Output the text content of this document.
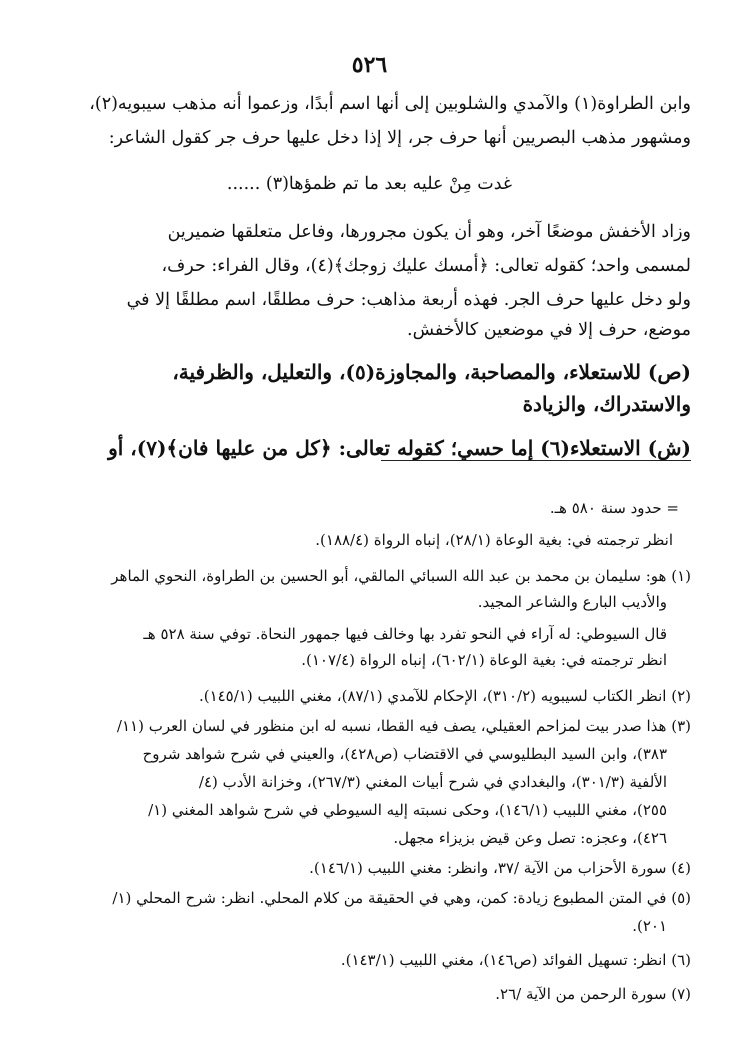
٥٢٦
وابن الطراوة(١) والآمدي والشلوبين إلى أنها اسم أبدًا، وزعموا أنه مذهب سيبويه(٢)،
ومشهور مذهب البصريين أنها حرف جر، إلا إذا دخل عليها حرف جر كقول الشاعر:
غدت مِنْ عليه بعد ما تم ظمؤها(٣) ......
وزاد الأخفش موضعًا آخر، وهو أن يكون مجرورها، وفاعل متعلقها ضميرين
لمسمى واحد؛ كقوله تعالى: ﴿أمسك عليك زوجك﴾(٤)، وقال الفراء: حرف،
ولو دخل عليها حرف الجر. فهذه أربعة مذاهب: حرف مطلقًا، اسم مطلقًا إلا في
موضع، حرف إلا في موضعين كالأخفش.
(ص) للاستعلاء، والمصاحبة، والمجاوزة(٥)، والتعليل، والظرفية،
والاستدراك، والزيادة
(ش) الاستعلاء(٦) إما حسي؛ كقوله تعالى: ﴿كل من عليها فان﴾(٧)، أو
= حدود سنة ٥٨٠ هـ.
انظر ترجمته في: بغية الوعاة (٢٨/١)، إنباه الرواة (١٨٨/٤).
(١) هو: سليمان بن محمد بن عبد الله السبائي المالقي، أبو الحسين بن الطراوة، النحوي الماهر
والأديب البارع والشاعر المجيد.
قال السيوطي: له آراء في النحو تفرد بها وخالف فيها جمهور النحاة. توفي سنة ٥٢٨ هـ
انظر ترجمته في: بغية الوعاة (٦٠٢/١)، إنباه الرواة (١٠٧/٤).
(٢) انظر الكتاب لسيبويه (٣١٠/٢)، الإحكام للآمدي (٨٧/١)، مغني اللبيب (١٤٥/١).
(٣) هذا صدر بيت لمزاحم العقيلي، يصف فيه القطا، نسبه له ابن منظور في لسان العرب (١١/
٣٨٣)، وابن السيد البطليوسي في الاقتضاب (ص٤٢٨)، والعيني في شرح شواهد شروح
الألفية (٣٠١/٣)، والبغدادي في شرح أبيات المغني (٢٦٧/٣)، وخزانة الأدب (٤/
٢٥٥)، مغني اللبيب (١٤٦/١)، وحكى نسبته إليه السيوطي في شرح شواهد المغني (١/
٤٢٦)، وعجزه: تصل وعن قيض بزيزاء مجهل.
(٤) سورة الأحزاب من الآية /٣٧، وانظر: مغني اللبيب (١٤٦/١).
(٥) في المتن المطبوع زيادة: كمن، وهي في الحقيقة من كلام المحلي. انظر: شرح المحلي (١/
٢٠١).
(٦) انظر: تسهيل الفوائد (ص١٤٦)، مغني اللبيب (١٤٣/١).
(٧) سورة الرحمن من الآية /٢٦.
